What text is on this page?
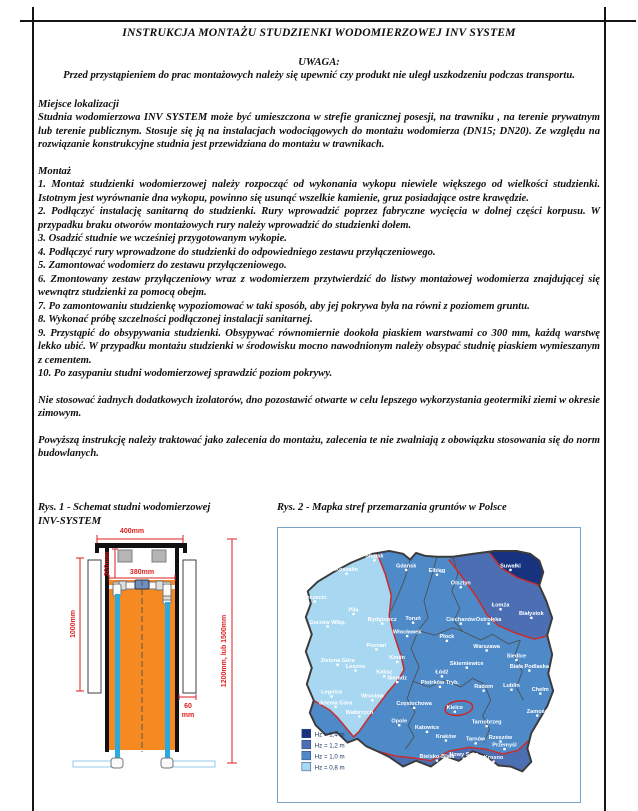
INSTRUKCJA MONTAŻU STUDZIENKI WODOMIERZOWEJ INV SYSTEM

UWAGA:

Przed przystąpieniem do prac montażowych należy się upewnić czy produkt nie uległ uszkodzeniu podczas transportu.

Miejsce lokalizacji

Studnia wodomierzowa INV SYSTEM może być umieszczona w strefie granicznej posesji, na trawniku , na terenie prywatnym lub terenie publicznym. Stosuje się ją na instalacjach wodociągowych do montażu wodomierza (DN15; DN20). Ze względu na rozwiązanie konstrukcyjne studnia jest przewidziana do montażu w trawnikach.

Montaż

1. Montaż studzienki wodomierzowej należy rozpocząć od wykonania wykopu niewiele większego od wielkości studzienki. Istotnym jest wyrównanie dna wykopu, powinno się usunąć wszelkie kamienie, gruz posiadające ostre krawędzie.

2. Podłączyć instalację sanitarną do studzienki. Rury wprowadzić poprzez fabryczne wycięcia w dolnej części korpusu. W przypadku braku otworów montażowych rury należy wprowadzić do studzienki dołem.

3. Osadzić studnie we wcześniej przygotowanym wykopie.

4. Podłączyć rury wprowadzone do studzienki do odpowiedniego zestawu przyłączeniowego.

5. Zamontować wodomierz do zestawu przyłączeniowego.

6. Zmontowany zestaw przyłączeniowy wraz z wodomierzem przytwierdzić do listwy montażowej wodomierza znajdującej się wewnątrz studzienki za pomocą obejm.

7. Po zamontowaniu studzienkę wypoziomować w taki sposób, aby jej pokrywa była na równi z poziomem gruntu.

8. Wykonać próbę szczelności podłączonej instalacji sanitarnej.

9. Przystąpić do obsypywania studzienki. Obsypywać równomiernie dookoła piaskiem warstwami co 300 mm, każdą warstwę lekko ubić. W przypadku montażu studzienki w środowisku mocno nawodnionym należy obsypać studnię piaskiem wymieszanym z cementem.

10. Po zasypaniu studni wodomierzowej sprawdzić poziom pokrywy.

Nie stosować żadnych dodatkowych izolatorów, dno pozostawić otwarte w celu lepszego wykorzystania geotermiki ziemi w okresie zimowym.

Powyższą instrukcję należy traktować jako zalecenia do montażu, zalecenia te nie zwalniają z obowiązku stosowania się do norm budowlanych.

Rys. 1 - Schemat studni wodomierzowej
INV-SYSTEM
Rys. 2 - Mapka stref przemarzania gruntów w Polsce
400mm
300mm	380mm
1000mm	1200mm, lub 1500mm
60
mm
Szczecin
Koszalin
Słupsk
Gdańsk
Elbląg
Olsztyn
Suwałki
Piła
Gorzów Wlkp.	Bydgoszcz Toruń	Ciechanów Ostrołęka
Łomża
Białystok
Włocławek
Płock
Poznań
Konin
Warszawa
Siedlce
Biała Podlaska
Zielona Góra
Leszno	Skierniewice
Kalisz
Sieradz
Łódź
Piotrków Tryb.
Radom Lublin
Chełm
Legnica
Jelenia Góra
Wrocław
Wałbrzych
Częstochowa
Kielce
Zamość
Opole
Katowice
Tarnobrzeg
Kraków Tarnów Rzeszów
Przemyśl
Bielsko-Biała
Nowy Sącz Krosno
Hz = 1,4 m
Hz = 1,2 m
Hz = 1,0 m
Hz = 0,8 m
